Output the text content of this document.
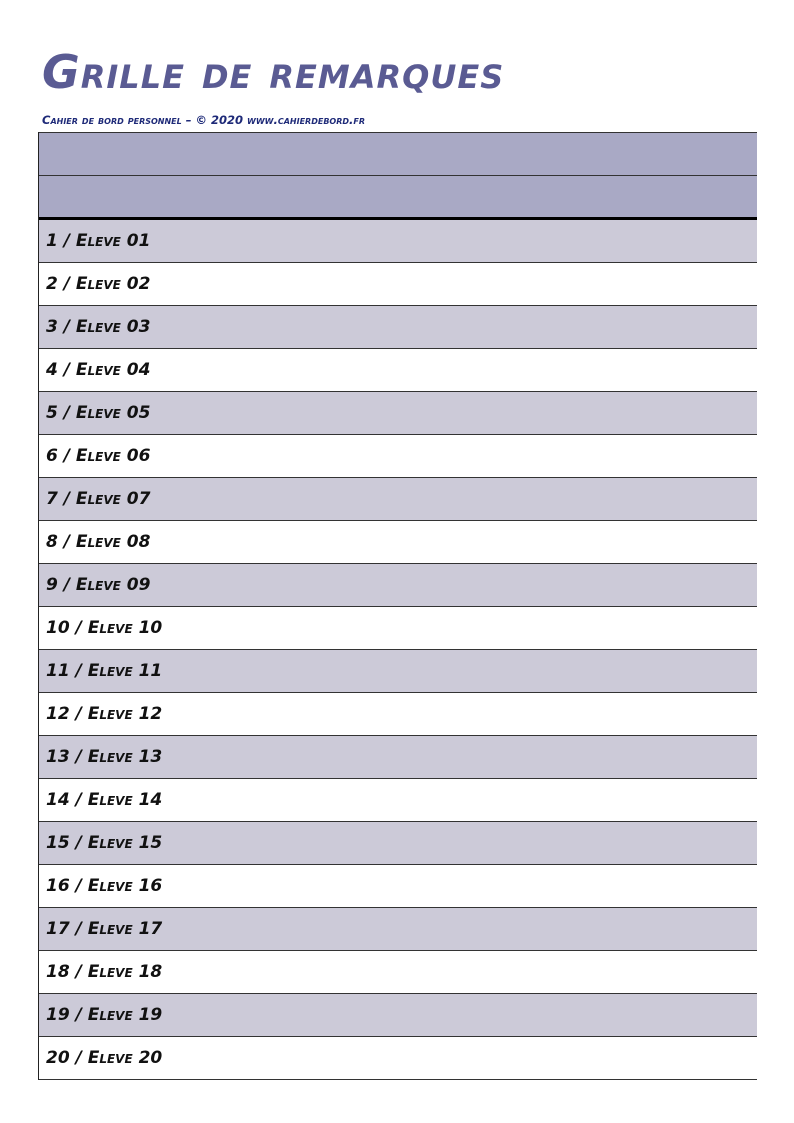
Grille de remarques
Cahier de bord personnel – © 2020 www.cahierdebord.fr
1 / Eleve 01
2 / Eleve 02
3 / Eleve 03
4 / Eleve 04
5 / Eleve 05
6 / Eleve 06
7 / Eleve 07
8 / Eleve 08
9 / Eleve 09
10 / Eleve 10
11 / Eleve 11
12 / Eleve 12
13 / Eleve 13
14 / Eleve 14
15 / Eleve 15
16 / Eleve 16
17 / Eleve 17
18 / Eleve 18
19 / Eleve 19
20 / Eleve 20
